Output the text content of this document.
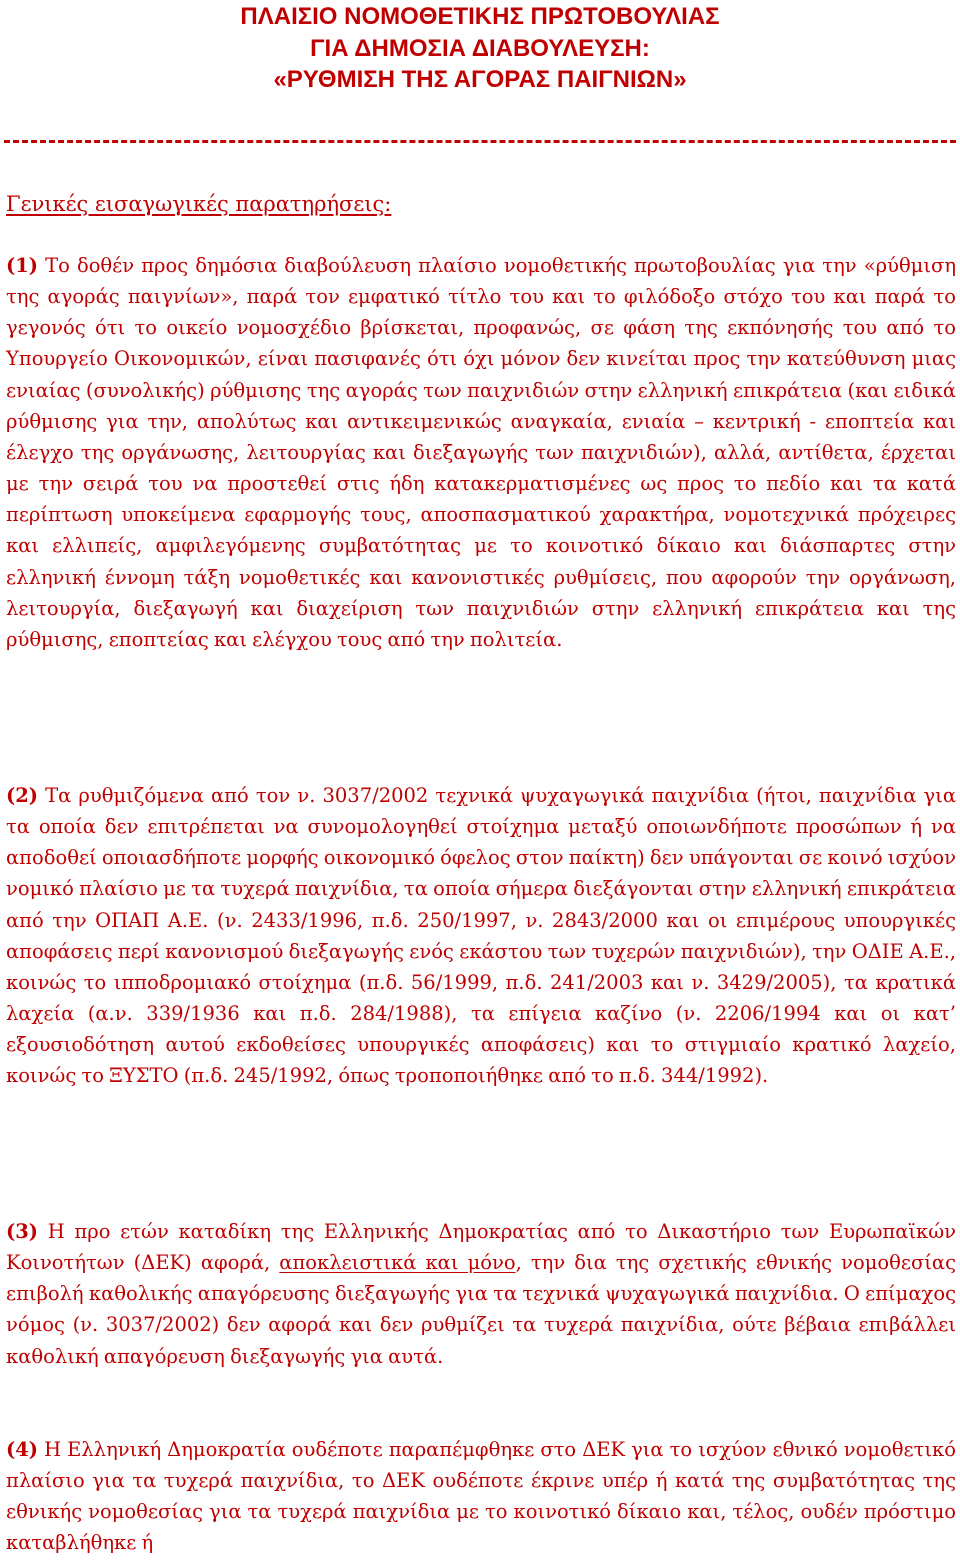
ΠΛΑΙΣΙΟ ΝΟΜΟΘΕΤΙΚΗΣ ΠΡΩΤΟΒΟΥΛΙΑΣ
ΓΙΑ ΔΗΜΟΣΙΑ ΔΙΑΒΟΥΛΕΥΣΗ:
«ΡΥΘΜΙΣΗ ΤΗΣ ΑΓΟΡΑΣ ΠΑΙΓΝΙΩΝ»
Γενικές εισαγωγικές παρατηρήσεις:

(1) Το δοθέν προς δημόσια διαβούλευση πλαίσιο νομοθετικής πρωτοβουλίας για την «ρύθμιση της αγοράς παιγνίων», παρά τον εμφατικό τίτλο του και το φιλόδοξο στόχο του και παρά το γεγονός ότι το οικείο νομοσχέδιο βρίσκεται, προφανώς, σε φάση της εκπόνησής του από το Υπουργείο Οικονομικών, είναι πασιφανές ότι όχι μόνον δεν κινείται προς την κατεύθυνση μιας ενιαίας (συνολικής) ρύθμισης της αγοράς των παιχνιδιών στην ελληνική επικράτεια (και ειδικά ρύθμισης για την, απολύτως και αντικειμενικώς αναγκαία, ενιαία – κεντρική - εποπτεία και έλεγχο της οργάνωσης, λειτουργίας και διεξαγωγής των παιχνιδιών), αλλά, αντίθετα, έρχεται με την σειρά του να προστεθεί στις ήδη κατακερματισμένες ως προς το πεδίο και τα κατά περίπτωση υποκείμενα εφαρμογής τους, αποσπασματικού χαρακτήρα, νομοτεχνικά πρόχειρες και ελλιπείς, αμφιλεγόμενης συμβατότητας με το κοινοτικό δίκαιο και διάσπαρτες στην ελληνική έννομη τάξη νομοθετικές και κανονιστικές ρυθμίσεις, που αφορούν την οργάνωση, λειτουργία, διεξαγωγή και διαχείριση των παιχνιδιών στην ελληνική επικράτεια και της ρύθμισης, εποπτείας και ελέγχου τους από την πολιτεία.

(2) Τα ρυθμιζόμενα από τον ν. 3037/2002 τεχνικά ψυχαγωγικά παιχνίδια (ήτοι, παιχνίδια για τα οποία δεν επιτρέπεται να συνομολογηθεί στοίχημα μεταξύ οποιωνδήποτε προσώπων ή να αποδοθεί οποιασδήποτε μορφής οικονομικό όφελος στον παίκτη) δεν υπάγονται σε κοινό ισχύον νομικό πλαίσιο με τα τυχερά παιχνίδια, τα οποία σήμερα διεξάγονται στην ελληνική επικράτεια από την ΟΠΑΠ Α.Ε. (ν. 2433/1996, π.δ. 250/1997, ν. 2843/2000 και οι επιμέρους υπουργικές αποφάσεις περί κανονισμού διεξαγωγής ενός εκάστου των τυχερών παιχνιδιών), την ΟΔΙΕ Α.Ε., κοινώς το ιπποδρομιακό στοίχημα (π.δ. 56/1999, π.δ. 241/2003 και ν. 3429/2005), τα κρατικά λαχεία (α.ν. 339/1936 και π.δ. 284/1988), τα επίγεια καζίνο (ν. 2206/1994 και οι κατ’ εξουσιοδότηση αυτού εκδοθείσες υπουργικές αποφάσεις) και το στιγμιαίο κρατικό λαχείο, κοινώς το ΞΥΣΤΟ (π.δ. 245/1992, όπως τροποποιήθηκε από το π.δ. 344/1992).

(3) Η προ ετών καταδίκη της Ελληνικής Δημοκρατίας από το Δικαστήριο των Ευρωπαϊκών Κοινοτήτων (ΔΕΚ) αφορά, αποκλειστικά και μόνο, την δια της σχετικής εθνικής νομοθεσίας επιβολή καθολικής απαγόρευσης διεξαγωγής για τα τεχνικά ψυχαγωγικά παιχνίδια. Ο επίμαχος νόμος (ν. 3037/2002) δεν αφορά και δεν ρυθμίζει τα τυχερά παιχνίδια, ούτε βέβαια επιβάλλει καθολική απαγόρευση διεξαγωγής για αυτά.

(4) Η Ελληνική Δημοκρατία ουδέποτε παραπέμφθηκε στο ΔΕΚ για το ισχύον εθνικό νομοθετικό πλαίσιο για τα τυχερά παιχνίδια, το ΔΕΚ ουδέποτε έκρινε υπέρ ή κατά της συμβατότητας της εθνικής νομοθεσίας για τα τυχερά παιχνίδια με το κοινοτικό δίκαιο και, τέλος, ουδέν πρόστιμο καταβλήθηκε ή
